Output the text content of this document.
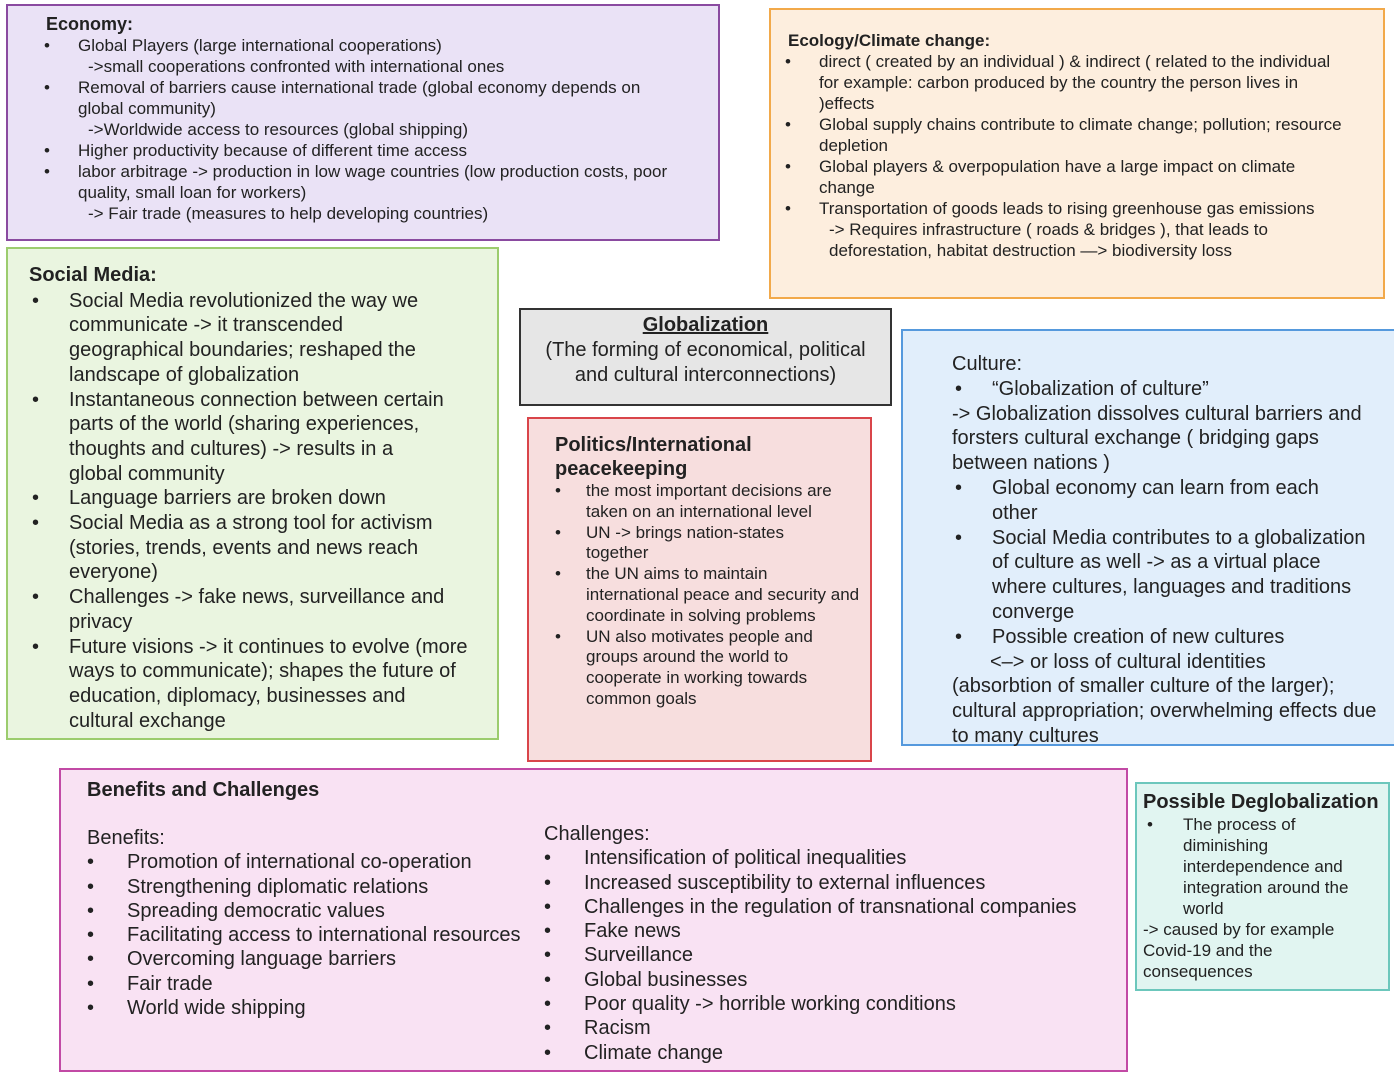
Economy:
• Global Players (large international cooperations)
->small cooperations confronted with international ones
• Removal of barriers cause international trade (global economy depends on global community)
->Worldwide access to resources (global shipping)
• Higher productivity because of different time access
• labor arbitrage -> production in low wage countries (low production costs, poor quality, small loan for workers)
-> Fair trade (measures to help developing countries)
Ecology/Climate change:
• direct ( created by an individual ) & indirect ( related to the individual for example: carbon produced by the country the person lives in )effects
• Global supply chains contribute to climate change; pollution; resource depletion
• Global players & overpopulation have a large impact on climate change
• Transportation of goods leads to rising greenhouse gas emissions
-> Requires infrastructure ( roads & bridges ), that leads to deforestation, habitat destruction —> biodiversity loss
Social Media:
• Social Media revolutionized the way we communicate -> it transcended geographical boundaries; reshaped the landscape of globalization
• Instantaneous connection between certain parts of the world (sharing experiences, thoughts and cultures) -> results in a global community
• Language barriers are broken down
• Social Media as a strong tool for activism (stories, trends, events and news reach everyone)
• Challenges -> fake news, surveillance and privacy
• Future visions -> it continues to evolve (more ways to communicate); shapes the future of education, diplomacy, businesses and cultural exchange
Globalization
(The forming of economical, political and cultural interconnections)
Politics/International peacekeeping
• the most important decisions are taken on an international level
• UN -> brings nation-states together
• the UN aims to maintain international peace and security and coordinate in solving problems
• UN also motivates people and groups around the world to cooperate in working towards common goals
Culture:
• “Globalization of culture”
-> Globalization dissolves cultural barriers and forsters cultural exchange ( bridging gaps between nations )
• Global economy can learn from each other
• Social Media contributes to a globalization of culture as well -> as a virtual place where cultures, languages and traditions converge
• Possible creation of new cultures
<–> or loss of cultural identities
(absorbtion of smaller culture of the larger); cultural appropriation; overwhelming effects due to many cultures
Benefits and Challenges
Benefits:
• Promotion of international co-operation
• Strengthening diplomatic relations
• Spreading democratic values
• Facilitating access to international resources
• Overcoming language barriers
• Fair trade
• World wide shipping
Challenges:
• Intensification of political inequalities
• Increased susceptibility to external influences
• Challenges in the regulation of transnational companies
• Fake news
• Surveillance
• Global businesses
• Poor quality -> horrible working conditions
• Racism
• Climate change
Possible Deglobalization
• The process of diminishing interdependence and integration around the world
-> caused by for example Covid-19 and the consequences
